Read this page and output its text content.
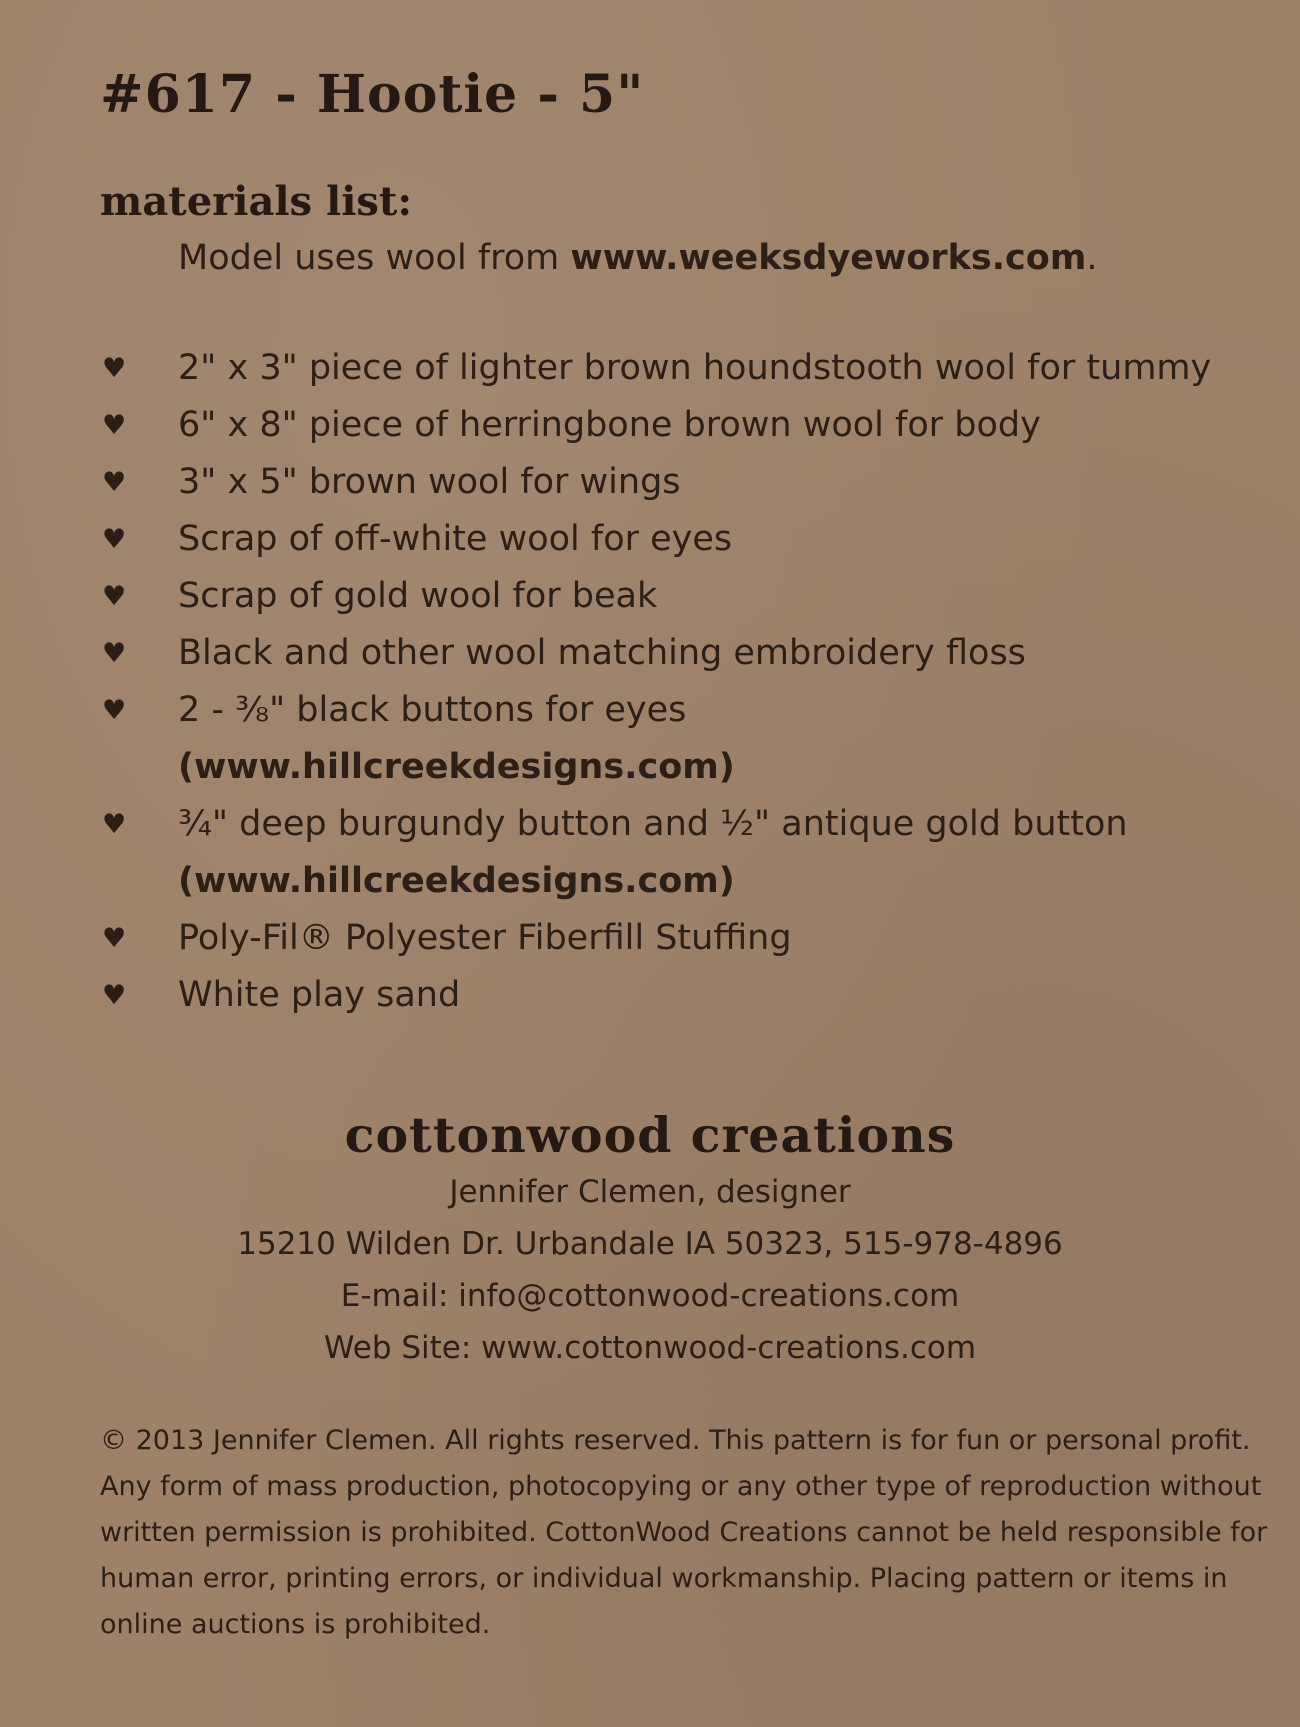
#617 - Hootie - 5"
materials list:
Model uses wool from www.weeksdyeworks.com.
♥ 2" x 3" piece of lighter brown houndstooth wool for tummy
♥ 6" x 8" piece of herringbone brown wool for body
♥ 3" x 5" brown wool for wings
♥ Scrap of off-white wool for eyes
♥ Scrap of gold wool for beak
♥ Black and other wool matching embroidery floss
♥ 2 - ⅜" black buttons for eyes (www.hillcreekdesigns.com)
♥ ¾" deep burgundy button and ½" antique gold button (www.hillcreekdesigns.com)
♥ Poly-Fil® Polyester Fiberfill Stuffing
♥ White play sand
cottonwood creations
Jennifer Clemen, designer
15210 Wilden Dr. Urbandale IA 50323, 515-978-4896
E-mail: info@cottonwood-creations.com
Web Site: www.cottonwood-creations.com
© 2013 Jennifer Clemen. All rights reserved. This pattern is for fun or personal profit. Any form of mass production, photocopying or any other type of reproduction without written permission is prohibited. CottonWood Creations cannot be held responsible for human error, printing errors, or individual workmanship. Placing pattern or items in online auctions is prohibited.
